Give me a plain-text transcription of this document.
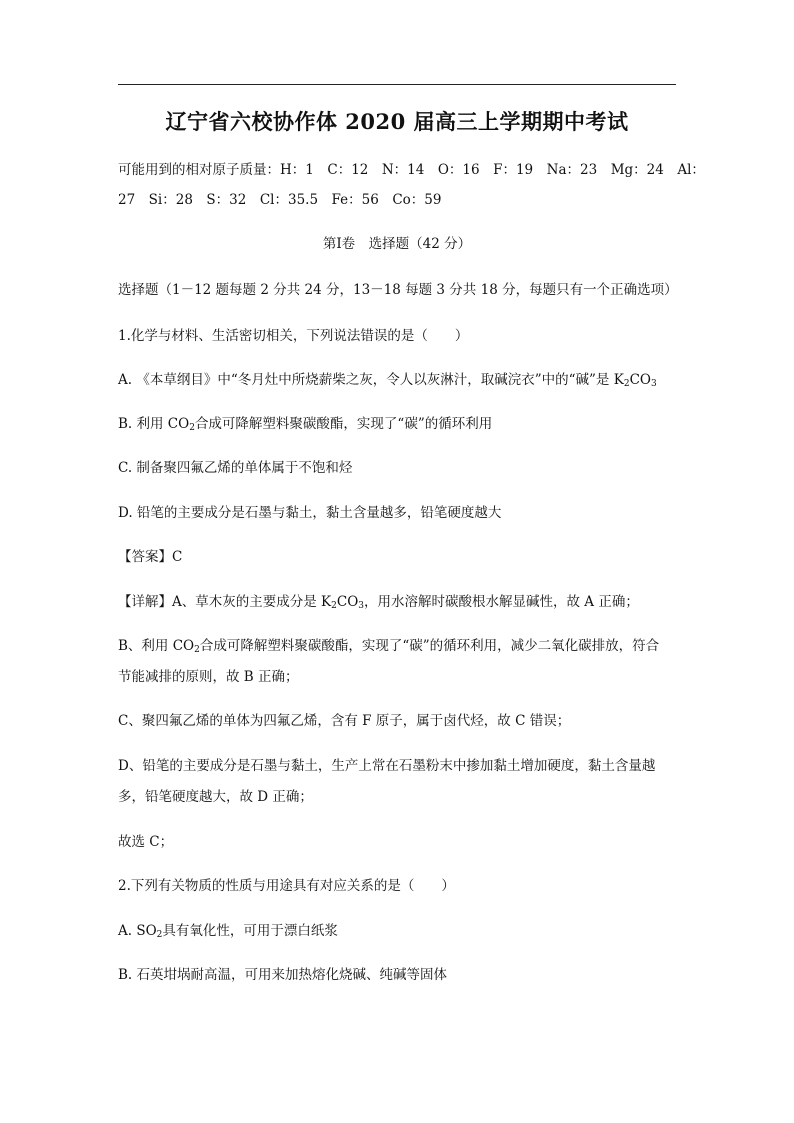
辽宁省六校协作体 2020 届高三上学期期中考试
可能用到的相对原子质量：H：1　C：12　N：14　O：16　F：19　Na：23　Mg：24　Al：
27　Si：28　S：32　Cl：35.5　Fe：56　Co：59
第Ⅰ卷　选择题（42 分）
选择题（1－12 题每题 2 分共 24 分，13－18 每题 3 分共 18 分，每题只有一个正确选项）
1.化学与材料、生活密切相关，下列说法错误的是（　　）
A. 《本草纲目》中“冬月灶中所烧薪柴之灰，令人以灰淋汁，取碱浣衣”中的“碱”是 $K_2CO_3$
B. 利用 $CO_2$合成可降解塑料聚碳酸酯，实现了“碳”的循环利用
C. 制备聚四氟乙烯的单体属于不饱和烃
D. 铅笔的主要成分是石墨与黏土，黏土含量越多，铅笔硬度越大
【答案】C
【详解】A、草木灰的主要成分是 $K_2CO_3$，用水溶解时碳酸根水解显碱性，故 A 正确；
B、利用 $CO_2$合成可降解塑料聚碳酸酯，实现了“碳”的循环利用，减少二氧化碳排放，符合
节能减排的原则，故 B 正确；
C、聚四氟乙烯的单体为四氟乙烯，含有 F 原子，属于卤代烃，故 C 错误；
D、铅笔的主要成分是石墨与黏土，生产上常在石墨粉末中掺加黏土增加硬度，黏土含量越
多，铅笔硬度越大，故 D 正确；
故选 C；
2.下列有关物质的性质与用途具有对应关系的是（　　）
A. $SO_2$具有氧化性，可用于漂白纸浆
B. 石英坩埚耐高温，可用来加热熔化烧碱、纯碱等固体
